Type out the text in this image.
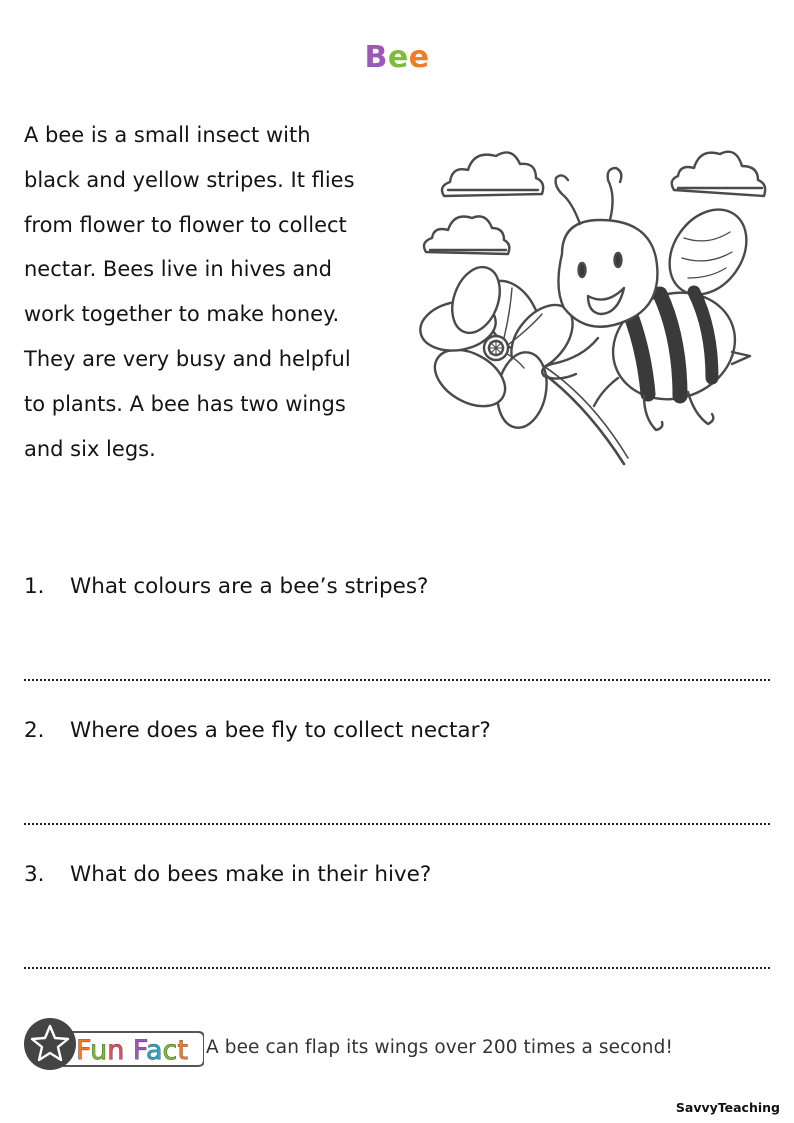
Bee
A bee is a small insect with
black and yellow stripes. It flies
from flower to flower to collect
nectar. Bees live in hives and
work together to make honey.
They are very busy and helpful
to plants. A bee has two wings
and six legs.
1. What colours are a bee’s stripes?
2. Where does a bee fly to collect nectar?
3. What do bees make in their hive?
Fun Fact A bee can flap its wings over 200 times a second!
SavvyTeaching
